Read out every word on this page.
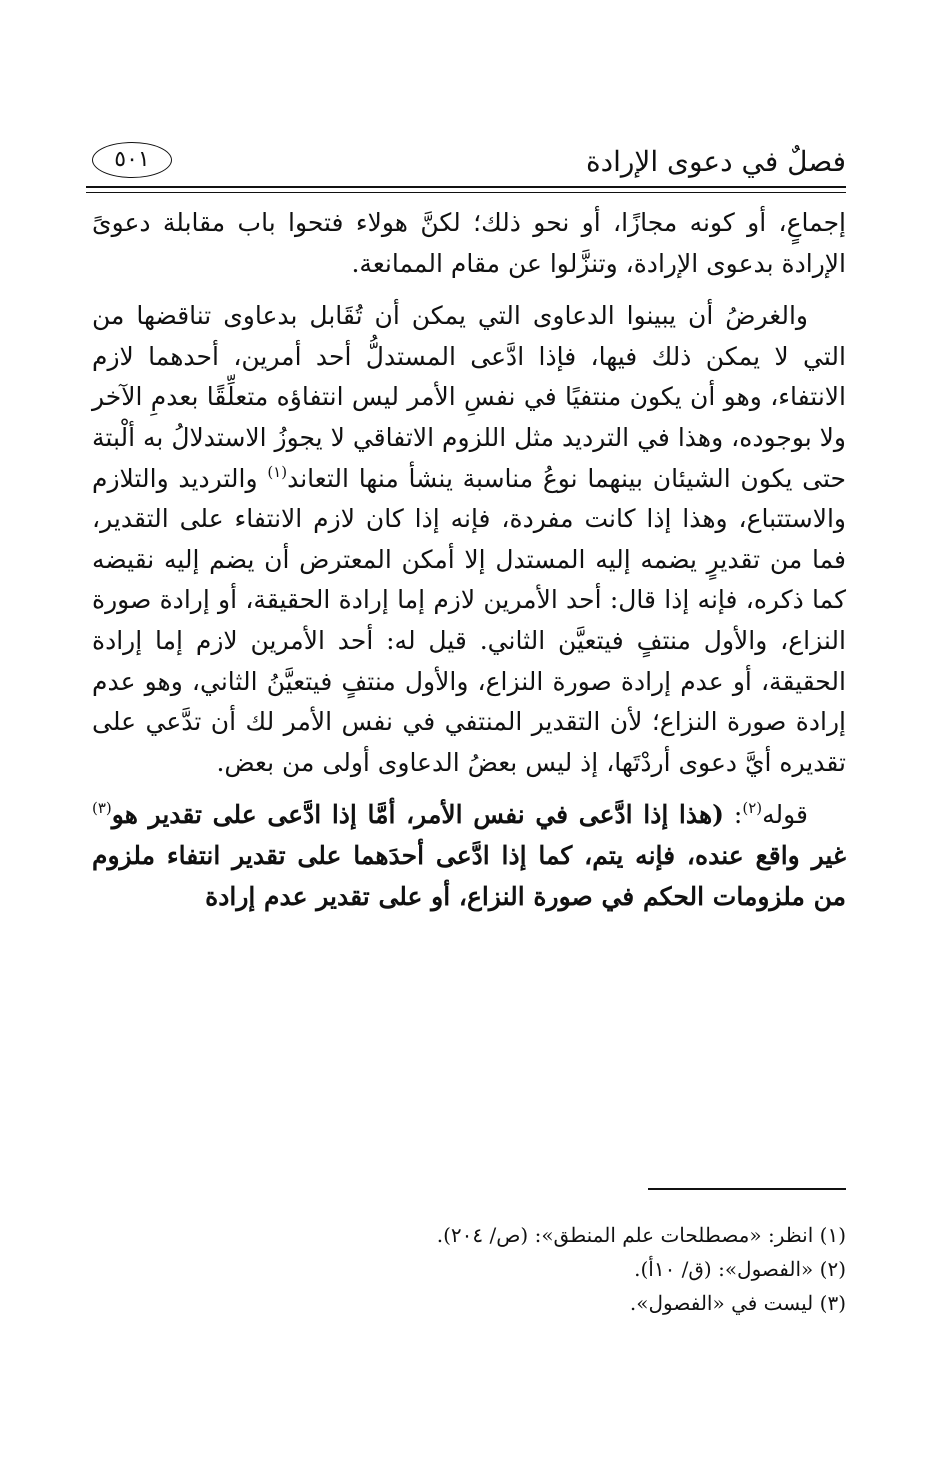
فصلٌ في دعوى الإرادة
٥٠١

إجماعٍ، أو كونه مجازًا، أو نحو ذلك؛ لكنَّ هولاء فتحوا باب مقابلة دعوىً الإرادة بدعوى الإرادة، وتنزَّلوا عن مقام الممانعة.

والغرضُ أن يبينوا الدعاوى التي يمكن أن تُقَابل بدعاوى تناقضها من التي لا يمكن ذلك فيها، فإذا ادَّعى المستدلُّ أحد أمرين، أحدهما لازم الانتفاء، وهو أن يكون منتفيًا في نفسِ الأمر ليس انتفاؤه متعلِّقًا بعدمِ الآخر ولا بوجوده، وهذا في الترديد مثل اللزوم الاتفاقي لا يجوزُ الاستدلالُ به ألْبتة حتى يكون الشيئان بينهما نوعُ مناسبة ينشأ منها التعاند$^{(١)}$ والترديد والتلازم والاستتباع، وهذا إذا كانت مفردة، فإنه إذا كان لازم الانتفاء على التقدير، فما من تقديرٍ يضمه إليه المستدل إلا أمكن المعترض أن يضم إليه نقيضه كما ذكره، فإنه إذا قال: أحد الأمرين لازم إما إرادة الحقيقة، أو إرادة صورة النزاع، والأول منتفٍ فيتعيَّن الثاني. قيل له: أحد الأمرين لازم إما إرادة الحقيقة، أو عدم إرادة صورة النزاع، والأول منتفٍ فيتعيَّنُ الثاني، وهو عدم إرادة صورة النزاع؛ لأن التقدير المنتفي في نفس الأمر لك أن تدَّعي على تقديره أيَّ دعوى أردْتَها، إذ ليس بعضُ الدعاوى أولى من بعض.

قوله$^{(٢)}$: (هذا إذا ادَّعى في نفس الأمر، أمَّا إذا ادَّعى على تقدير هو$^{(٣)}$ غير واقع عنده، فإنه يتم، كما إذا ادَّعى أحدَهما على تقدير انتفاء ملزوم من ملزومات الحكم في صورة النزاع، أو على تقدير عدم إرادة

(١) انظر: «مصطلحات علم المنطق»: (ص/ ٢٠٤).
(٢) «الفصول»: (ق/ ١٠أ).
(٣) ليست في «الفصول».
